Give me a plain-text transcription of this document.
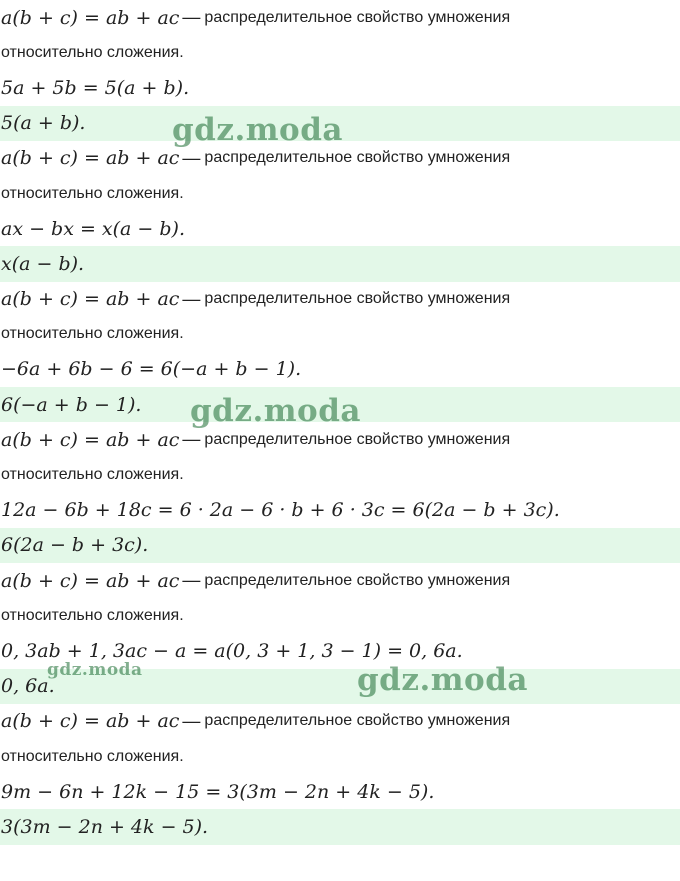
a(b + c) = ab + ac — распределительное свойство умножения
относительно сложения.
5a + 5b = 5(a + b).
5(a + b).
a(b + c) = ab + ac — распределительное свойство умножения
относительно сложения.
ax − bx = x(a − b).
x(a − b).
a(b + c) = ab + ac — распределительное свойство умножения
относительно сложения.
−6a + 6b − 6 = 6(−a + b − 1).
6(−a + b − 1).
a(b + c) = ab + ac — распределительное свойство умножения
относительно сложения.
12a − 6b + 18c = 6 · 2a − 6 · b + 6 · 3c = 6(2a − b + 3c).
6(2a − b + 3c).
a(b + c) = ab + ac — распределительное свойство умножения
относительно сложения.
0, 3ab + 1, 3ac − a = a(0, 3 + 1, 3 − 1) = 0, 6a.
0, 6a.
a(b + c) = ab + ac — распределительное свойство умножения
относительно сложения.
9m − 6n + 12k − 15 = 3(3m − 2n + 4k − 5).
3(3m − 2n + 4k − 5).
gdz.moda
gdz.moda
gdz.moda	gdz.moda
